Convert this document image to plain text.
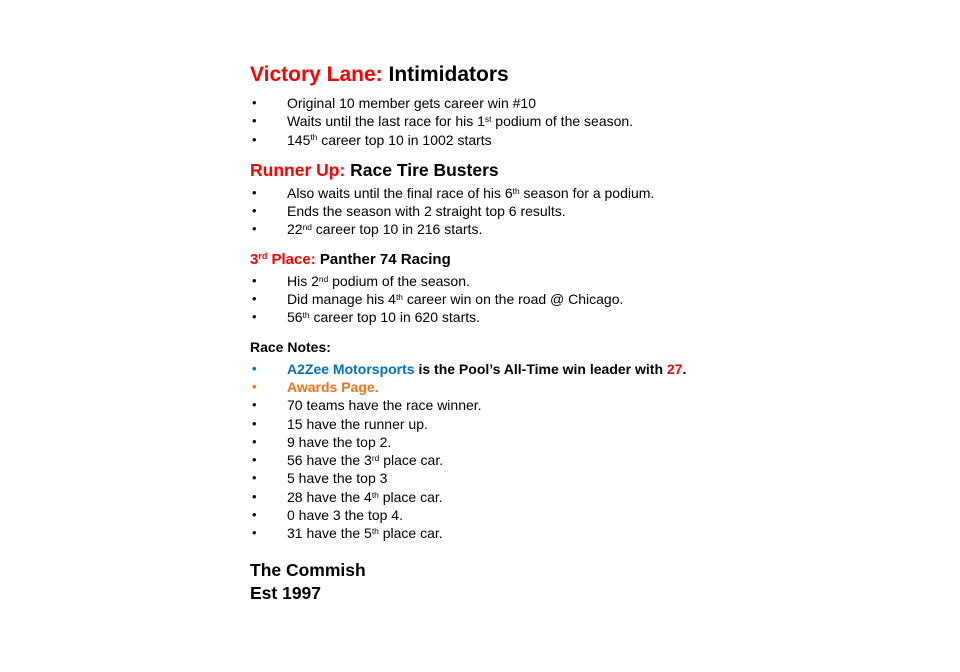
Victory Lane: Intimidators
•	Original 10 member gets career win #10
•	Waits until the last race for his 1st podium of the season.
•	145th career top 10 in 1002 starts
Runner Up: Race Tire Busters
•	Also waits until the final race of his 6th season for a podium.
•	Ends the season with 2 straight top 6 results.
•	22nd career top 10 in 216 starts.
3rd Place: Panther 74 Racing
•	His 2nd podium of the season.
•	Did manage his 4th career win on the road @ Chicago.
•	56th career top 10 in 620 starts.
Race Notes:
•	A2Zee Motorsports is the Pool’s All-Time win leader with 27.
•	Awards Page.
•	70 teams have the race winner.
•	15 have the runner up.
•	9 have the top 2.
•	56 have the 3rd place car.
•	5 have the top 3
•	28 have the 4th place car.
•	0 have 3 the top 4.
•	31 have the 5th place car.
The Commish
Est 1997
